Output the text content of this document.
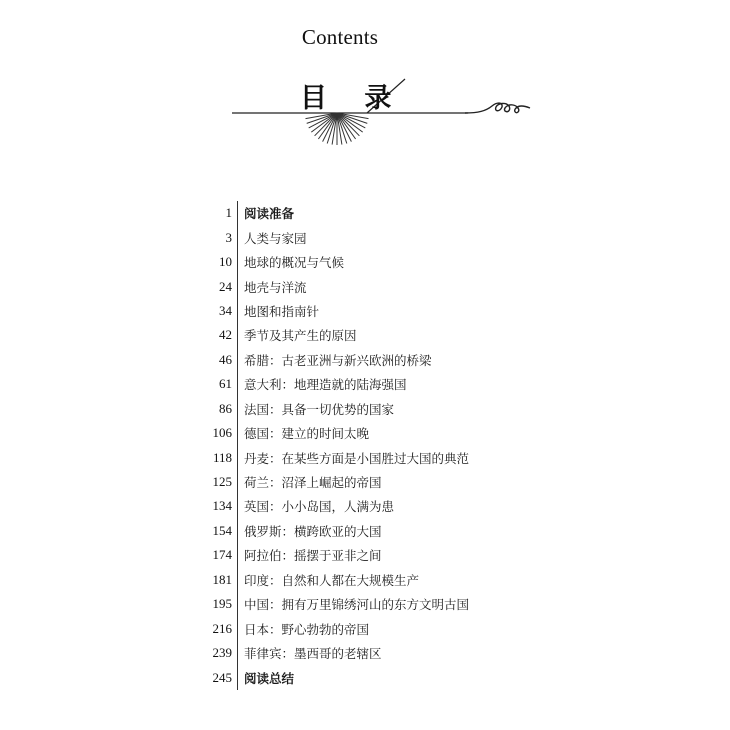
Contents
目 录
1 阅读准备
3 人类与家园
10 地球的概况与气候
24 地壳与洋流
34 地图和指南针
42 季节及其产生的原因
46 希腊：古老亚洲与新兴欧洲的桥梁
61 意大利：地理造就的陆海强国
86 法国：具备一切优势的国家
106 德国：建立的时间太晚
118 丹麦：在某些方面是小国胜过大国的典范
125 荷兰：沼泽上崛起的帝国
134 英国：小小岛国，人满为患
154 俄罗斯：横跨欧亚的大国
174 阿拉伯：摇摆于亚非之间
181 印度：自然和人都在大规模生产
195 中国：拥有万里锦绣河山的东方文明古国
216 日本：野心勃勃的帝国
239 菲律宾：墨西哥的老辖区
245 阅读总结
